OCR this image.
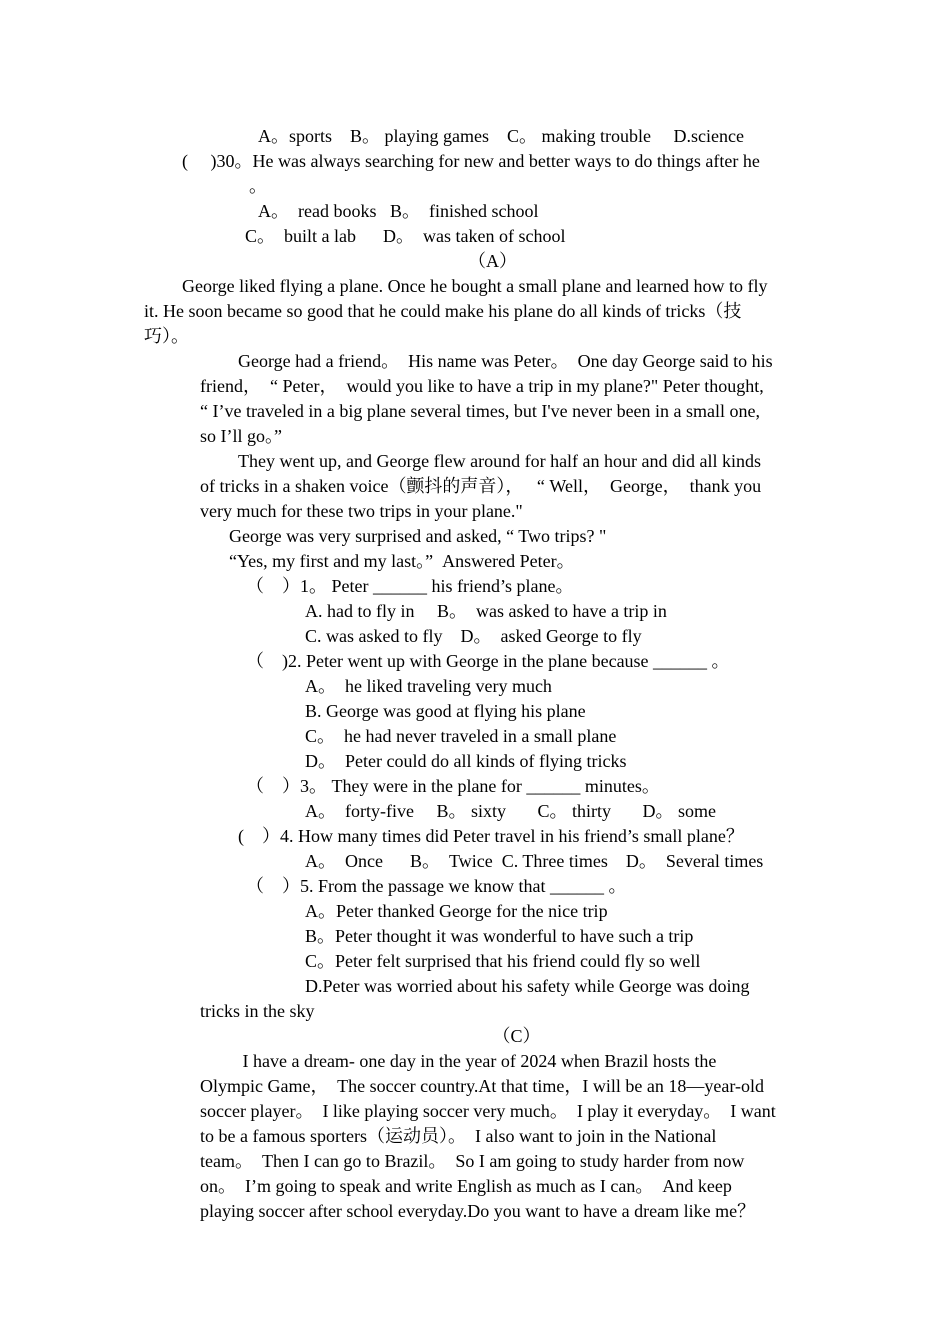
A。sports    B。 playing games    C。 making trouble     D.science
(     )30。He was always searching for new and better ways to do things after he
。
A。  read books   B。  finished school
C。  built a lab      D。  was taken of school
（A）
George liked flying a plane. Once he bought a small plane and learned how to fly
it. He soon became so good that he could make his plane do all kinds of tricks（技
巧）。
George had a friend。  His name was Peter。  One day George said to his
friend，  “ Peter，  would you like to have a trip in my plane?" Peter thought,
“ I’ve traveled in a big plane several times, but I've never been in a small one,
so I’ll go。”
They went up, and George flew around for half an hour and did all kinds
of tricks in a shaken voice（颤抖的声音），   “ Well，  George，  thank you
very much for these two trips in your plane."
George was very surprised and asked, “ Two trips? "
“Yes, my first and my last。”  Answered Peter。
（    ）1。 Peter ______ his friend’s plane。
A. had to fly in     B。  was asked to have a trip in
C. was asked to fly    D。  asked George to fly
（    )2. Peter went up with George in the plane because ______ 。
A。  he liked traveling very much
B. George was good at flying his plane
C。  he had never traveled in a small plane
D。  Peter could do all kinds of flying tricks
（    ）3。 They were in the plane for ______ minutes。
A。  forty-five     B。 sixty       C。 thirty       D。 some
(    ）4. How many times did Peter travel in his friend’s small plane？
A。  Once      B。  Twice  C. Three times    D。  Several times
（    ）5. From the passage we know that ______ 。
A。Peter thanked George for the nice trip
B。Peter thought it was wonderful to have such a trip
C。Peter felt surprised that his friend could fly so well
D.Peter was worried about his safety while George was doing
tricks in the sky
（C）
I have a dream- one day in the year of 2024 when Brazil hosts the
Olympic Game，  The soccer country.At that time，I will be an 18—year-old
soccer player。  I like playing soccer very much。  I play it everyday。  I want
to be a famous sporters（运动员）。  I also want to join in the National
team。  Then I can go to Brazil。  So I am going to study harder from now
on。  I’m going to speak and write English as much as I can。  And keep
playing soccer after school everyday.Do you want to have a dream like me？
